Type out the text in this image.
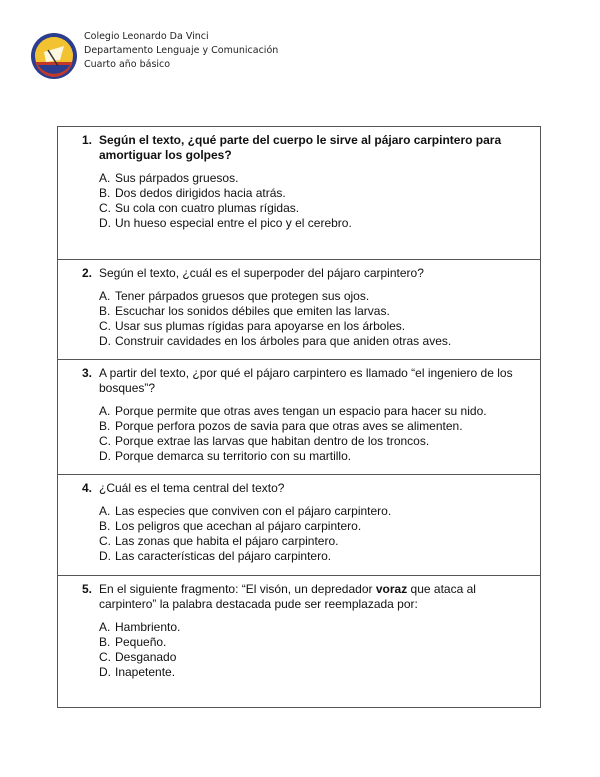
Colegio Leonardo Da Vinci
Departamento Lenguaje y Comunicación
Cuarto año básico
1. Según el texto, ¿qué parte del cuerpo le sirve al pájaro carpintero para amortiguar los golpes?
A. Sus párpados gruesos.
B. Dos dedos dirigidos hacia atrás.
C. Su cola con cuatro plumas rígidas.
D. Un hueso especial entre el pico y el cerebro.
2. Según el texto, ¿cuál es el superpoder del pájaro carpintero?
A. Tener párpados gruesos que protegen sus ojos.
B. Escuchar los sonidos débiles que emiten las larvas.
C. Usar sus plumas rígidas para apoyarse en los árboles.
D. Construir cavidades en los árboles para que aniden otras aves.
3. A partir del texto, ¿por qué el pájaro carpintero es llamado “el ingeniero de los bosques”?
A. Porque permite que otras aves tengan un espacio para hacer su nido.
B. Porque perfora pozos de savia para que otras aves se alimenten.
C. Porque extrae las larvas que habitan dentro de los troncos.
D. Porque demarca su territorio con su martillo.
4. ¿Cuál es el tema central del texto?
A. Las especies que conviven con el pájaro carpintero.
B. Los peligros que acechan al pájaro carpintero.
C. Las zonas que habita el pájaro carpintero.
D. Las características del pájaro carpintero.
5. En el siguiente fragmento: “El visón, un depredador voraz que ataca al carpintero” la palabra destacada pude ser reemplazada por:
A. Hambriento.
B. Pequeño.
C. Desganado
D. Inapetente.
